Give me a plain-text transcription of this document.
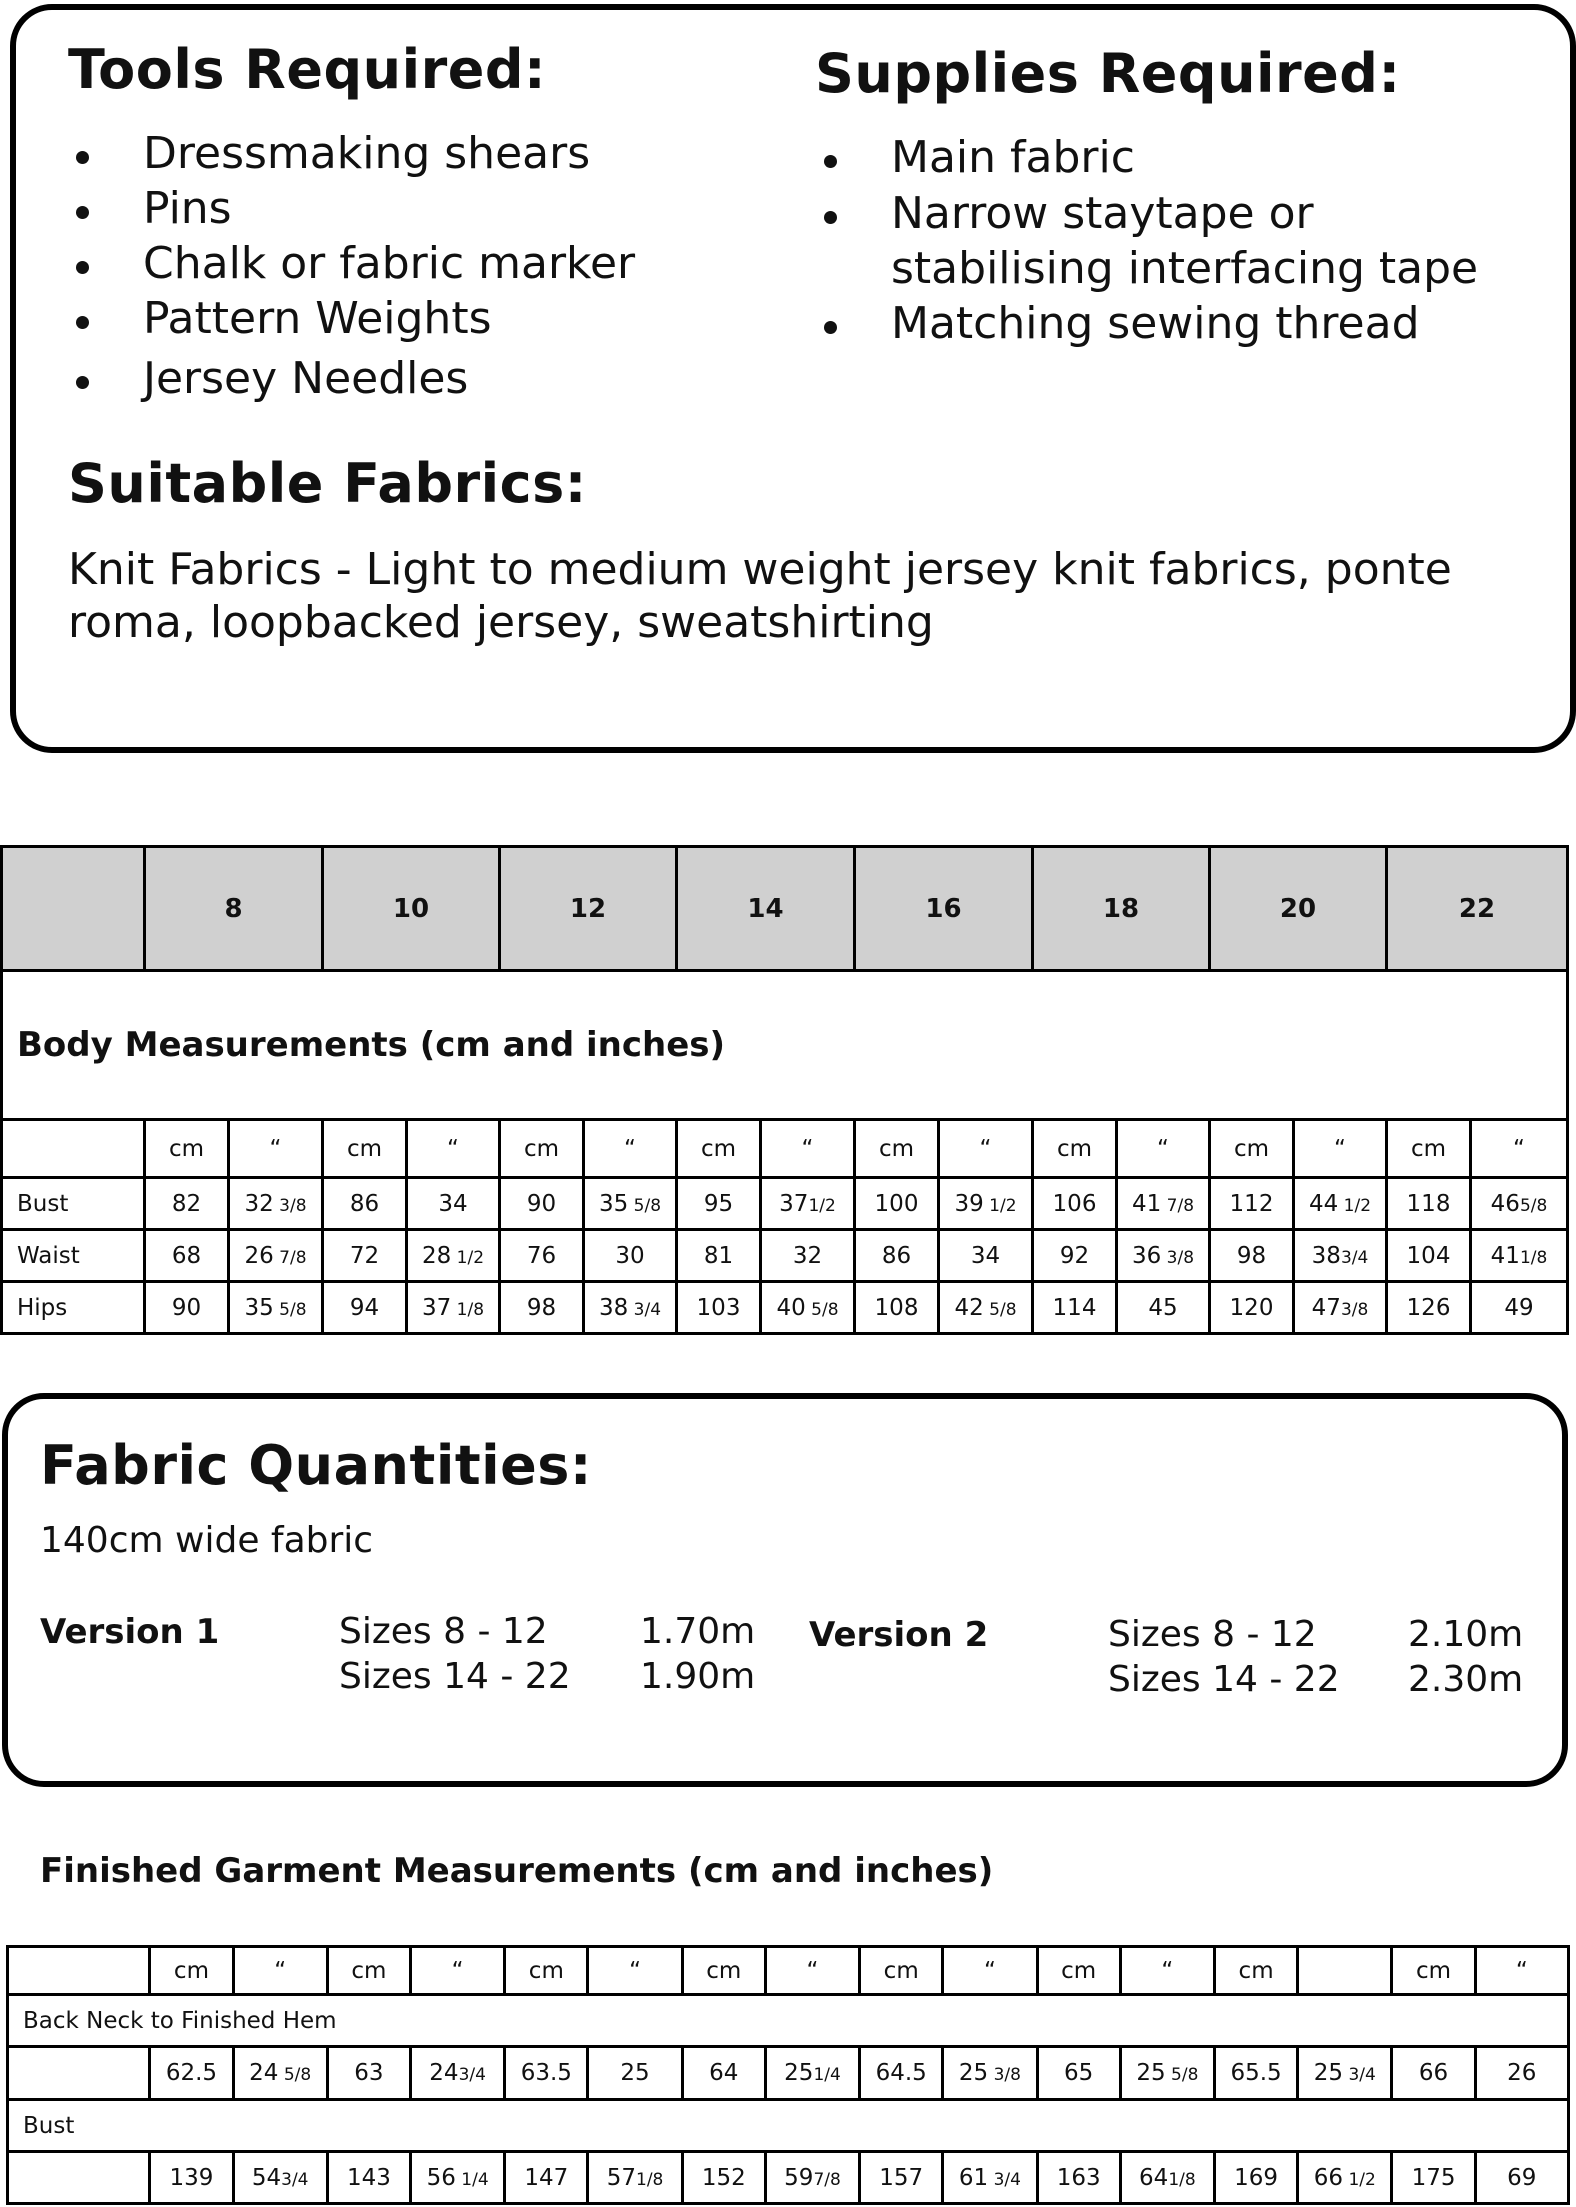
Tools Required:
Dressmaking shears
Pins
Chalk or fabric marker
Pattern Weights
Jersey Needles
Supplies Required:
Main fabric
Narrow staytape or
stabilising interfacing tape
Matching sewing thread
Suitable Fabrics:
Knit Fabrics - Light to medium weight jersey knit fabrics, ponte
roma, loopbacked jersey, sweatshirting
	8		10		12		14		16		18		20		22	
Body Measurements (cm and inches)																
	cm	“	cm	“	cm	“	cm	“	cm	“	cm	“	cm	“	cm	“
Bust	82	32 3/8	86	34	90	35 5/8	95	371/2	100	39 1/2	106	41 7/8	112	44 1/2	118	465/8
Waist	68	26 7/8	72	28 1/2	76	30	81	32	86	34	92	36 3/8	98	383/4	104	411/8
Hips	90	35 5/8	94	37 1/8	98	38 3/4	103	40 5/8	108	42 5/8	114	45	120	473/8	126	49
Fabric Quantities:
140cm wide fabric
Version 1	Sizes 8 - 12	1.70m
Sizes 14 - 22 1.90m
Version 2	Sizes 8 - 12	2.10m
Sizes 14 - 22 2.30m
Finished Garment Measurements (cm and inches)
	cm	“	cm	“	cm	“	cm	“	cm	“	cm	“	cm		cm	“
Back Neck to Finished Hem																
	62.5	24 5/8	63	243/4	63.5	25	64	251/4	64.5	25 3/8	65	25 5/8	65.5	25 3/4	66	26
Bust																
	139	543/4	143	56 1/4	147	571/8	152	597/8	157	61 3/4	163	641/8	169	66 1/2	175	69
